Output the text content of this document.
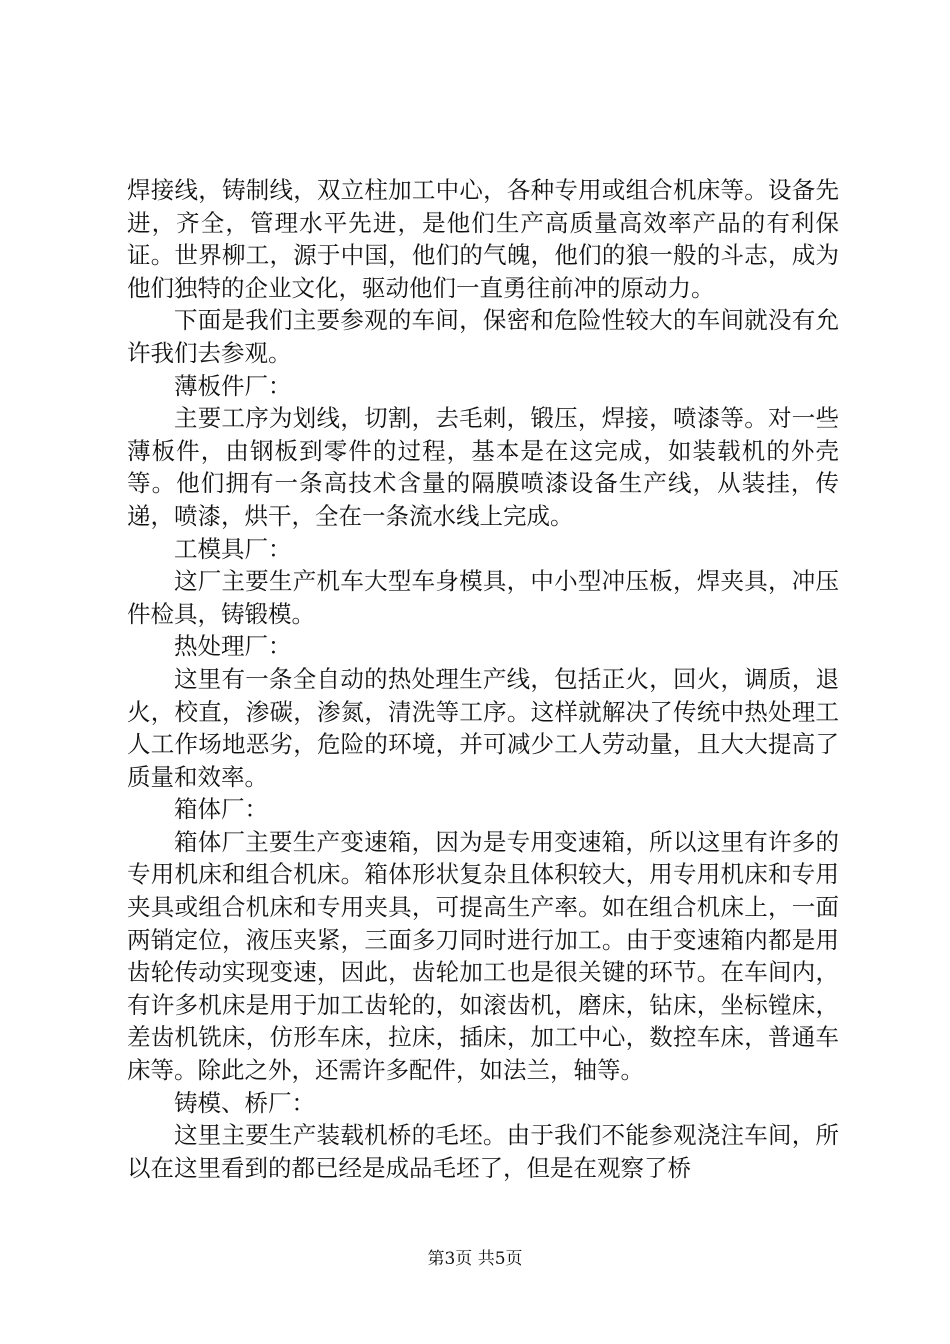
焊接线，铸制线，双立柱加工中心，各种专用或组合机床等。设备先进，齐全，管理水平先进，是他们生产高质量高效率产品的有利保证。世界柳工，源于中国，他们的气魄，他们的狼一般的斗志，成为他们独特的企业文化，驱动他们一直勇往前冲的原动力。

下面是我们主要参观的车间，保密和危险性较大的车间就没有允许我们去参观。

薄板件厂：

主要工序为划线，切割，去毛刺，锻压，焊接，喷漆等。对一些薄板件，由钢板到零件的过程，基本是在这完成，如装载机的外壳等。他们拥有一条高技术含量的隔膜喷漆设备生产线，从装挂，传递，喷漆，烘干，全在一条流水线上完成。

工模具厂：

这厂主要生产机车大型车身模具，中小型冲压板，焊夹具，冲压件检具，铸锻模。

热处理厂：

这里有一条全自动的热处理生产线，包括正火，回火，调质，退火，校直，渗碳，渗氮，清洗等工序。这样就解决了传统中热处理工人工作场地恶劣，危险的环境，并可减少工人劳动量，且大大提高了质量和效率。

箱体厂：

箱体厂主要生产变速箱，因为是专用变速箱，所以这里有许多的专用机床和组合机床。箱体形状复杂且体积较大，用专用机床和专用夹具或组合机床和专用夹具，可提高生产率。如在组合机床上，一面两销定位，液压夹紧，三面多刀同时进行加工。由于变速箱内都是用齿轮传动实现变速，因此，齿轮加工也是很关键的环节。在车间内，有许多机床是用于加工齿轮的，如滚齿机，磨床，钻床，坐标镗床，差齿机铣床，仿形车床，拉床，插床，加工中心，数控车床，普通车床等。除此之外，还需许多配件，如法兰，轴等。

铸模、桥厂：

这里主要生产装载机桥的毛坯。由于我们不能参观浇注车间，所以在这里看到的都已经是成品毛坯了，但是在观察了桥

第3页 共5页
